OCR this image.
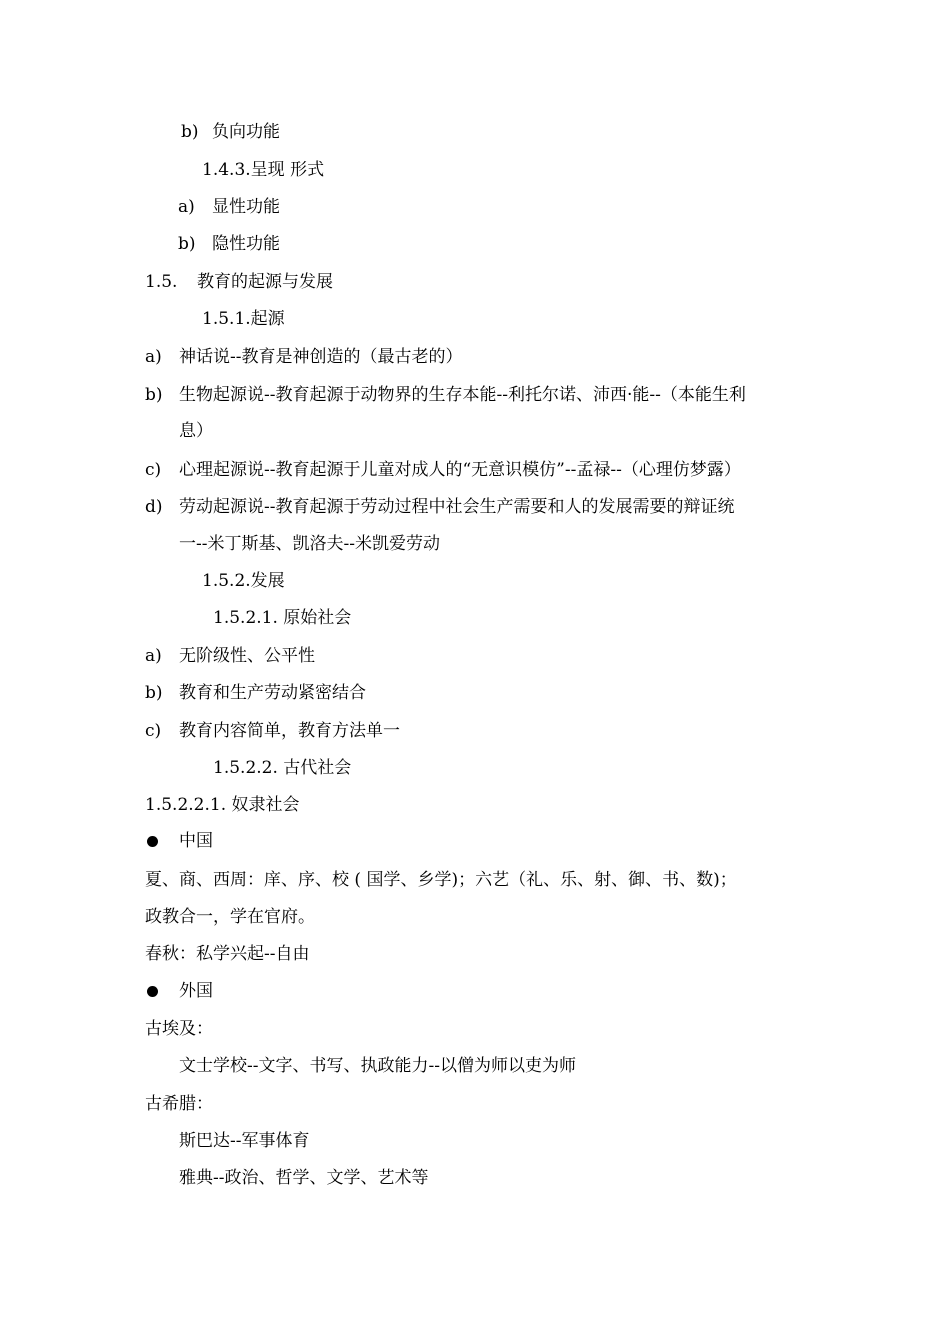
b) 负向功能
1.4.3.呈现 形式
a) 显性功能
b) 隐性功能
1.5. 教育的起源与发展
1.5.1.起源
a) 神话说--教育是神创造的（最古老的）
b) 生物起源说--教育起源于动物界的生存本能--利托尔诺、沛西·能--（本能生利
息）
c) 心理起源说--教育起源于儿童对成人的“无意识模仿”--孟禄--（心理仿梦露）
d) 劳动起源说--教育起源于劳动过程中社会生产需要和人的发展需要的辩证统
一--米丁斯基、凯洛夫--米凯爱劳动
1.5.2.发展
1.5.2.1. 原始社会
a) 无阶级性、公平性
b) 教育和生产劳动紧密结合
c) 教育内容简单，教育方法单一
1.5.2.2. 古代社会
1.5.2.2.1. 奴隶社会
中国
夏、商、西周：庠、序、校 ( 国学、乡学)；六艺（礼、乐、射、御、书、数)；
政教合一，学在官府。
春秋：私学兴起--自由
外国
古埃及：
文士学校--文字、书写、执政能力--以僧为师以吏为师
古希腊：
斯巴达--军事体育
雅典--政治、哲学、文学、艺术等
